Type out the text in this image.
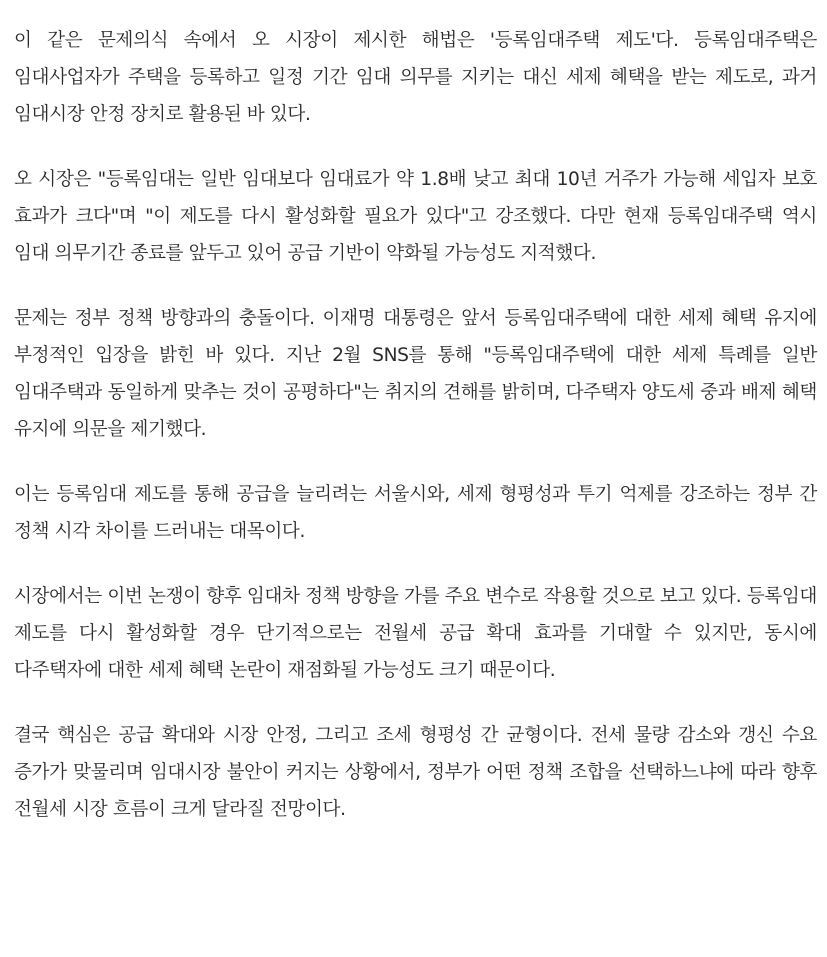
이 같은 문제의식 속에서 오 시장이 제시한 해법은 '등록임대주택 제도'다. 등록임대주택은 임대사업자가 주택을 등록하고 일정 기간 임대 의무를 지키는 대신 세제 혜택을 받는 제도로, 과거 임대시장 안정 장치로 활용된 바 있다.

오 시장은 "등록임대는 일반 임대보다 임대료가 약 1.8배 낮고 최대 10년 거주가 가능해 세입자 보호 효과가 크다"며 "이 제도를 다시 활성화할 필요가 있다"고 강조했다. 다만 현재 등록임대주택 역시 임대 의무기간 종료를 앞두고 있어 공급 기반이 약화될 가능성도 지적했다.

문제는 정부 정책 방향과의 충돌이다. 이재명 대통령은 앞서 등록임대주택에 대한 세제 혜택 유지에 부정적인 입장을 밝힌 바 있다. 지난 2월 SNS를 통해 "등록임대주택에 대한 세제 특례를 일반 임대주택과 동일하게 맞추는 것이 공평하다"는 취지의 견해를 밝히며, 다주택자 양도세 중과 배제 혜택 유지에 의문을 제기했다.

이는 등록임대 제도를 통해 공급을 늘리려는 서울시와, 세제 형평성과 투기 억제를 강조하는 정부 간 정책 시각 차이를 드러내는 대목이다.

시장에서는 이번 논쟁이 향후 임대차 정책 방향을 가를 주요 변수로 작용할 것으로 보고 있다. 등록임대 제도를 다시 활성화할 경우 단기적으로는 전월세 공급 확대 효과를 기대할 수 있지만, 동시에 다주택자에 대한 세제 혜택 논란이 재점화될 가능성도 크기 때문이다.

결국 핵심은 공급 확대와 시장 안정, 그리고 조세 형평성 간 균형이다. 전세 물량 감소와 갱신 수요 증가가 맞물리며 임대시장 불안이 커지는 상황에서, 정부가 어떤 정책 조합을 선택하느냐에 따라 향후 전월세 시장 흐름이 크게 달라질 전망이다.
